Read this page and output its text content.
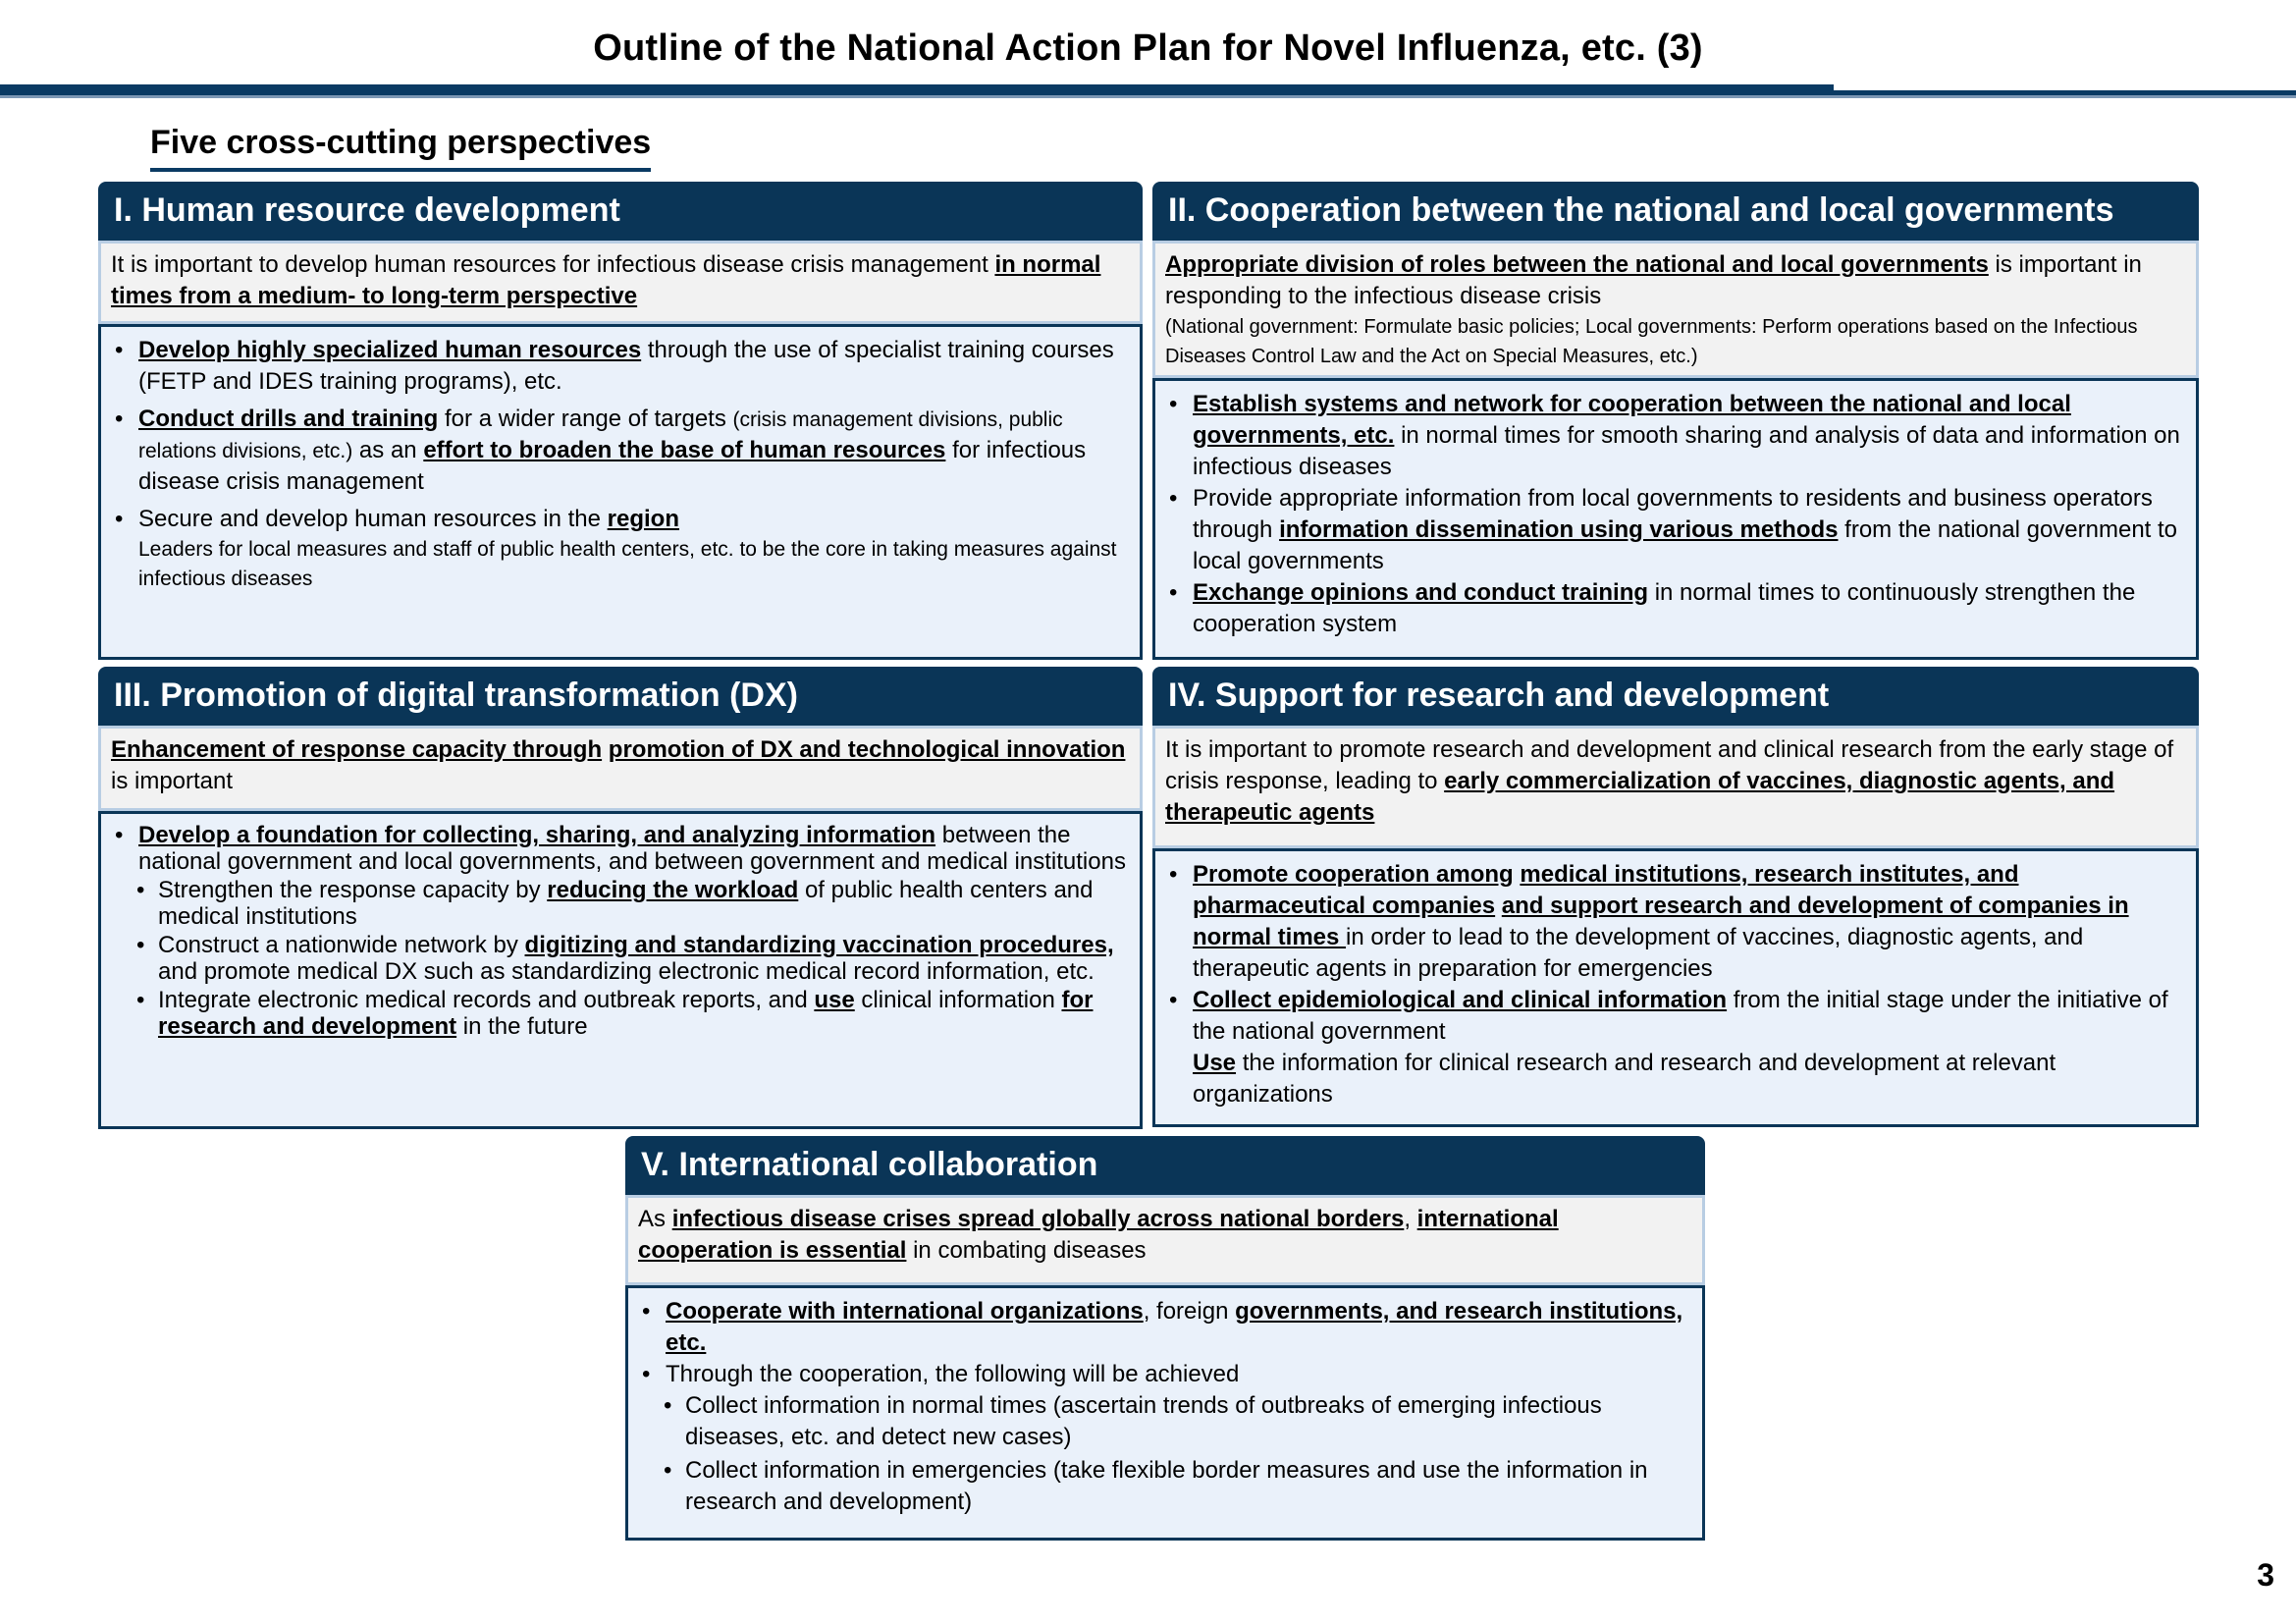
Outline of the National Action Plan for Novel Influenza, etc. (3)
Five cross-cutting perspectives
I. Human resource development
It is important to develop human resources for infectious disease crisis management in normal times from a medium- to long-term perspective
• Develop highly specialized human resources through the use of specialist training courses (FETP and IDES training programs), etc.
• Conduct drills and training for a wider range of targets (crisis management divisions, public relations divisions, etc.) as an effort to broaden the base of human resources for infectious disease crisis management
• Secure and develop human resources in the region
Leaders for local measures and staff of public health centers, etc. to be the core in taking measures against infectious diseases
II. Cooperation between the national and local governments
Appropriate division of roles between the national and local governments is important in responding to the infectious disease crisis
(National government: Formulate basic policies; Local governments: Perform operations based on the Infectious Diseases Control Law and the Act on Special Measures, etc.)
• Establish systems and network for cooperation between the national and local governments, etc. in normal times for smooth sharing and analysis of data and information on infectious diseases
• Provide appropriate information from local governments to residents and business operators through information dissemination using various methods from the national government to local governments
• Exchange opinions and conduct training in normal times to continuously strengthen the cooperation system
III. Promotion of digital transformation (DX)
Enhancement of response capacity through promotion of DX and technological innovation is important
• Develop a foundation for collecting, sharing, and analyzing information between the national government and local governments, and between government and medical institutions
• Strengthen the response capacity by reducing the workload of public health centers and medical institutions
• Construct a nationwide network by digitizing and standardizing vaccination procedures, and promote medical DX such as standardizing electronic medical record information, etc.
• Integrate electronic medical records and outbreak reports, and use clinical information for research and development in the future
IV. Support for research and development
It is important to promote research and development and clinical research from the early stage of crisis response, leading to early commercialization of vaccines, diagnostic agents, and therapeutic agents
• Promote cooperation among medical institutions, research institutes, and pharmaceutical companies and support research and development of companies in normal times in order to lead to the development of vaccines, diagnostic agents, and therapeutic agents in preparation for emergencies
• Collect epidemiological and clinical information from the initial stage under the initiative of the national government
Use the information for clinical research and research and development at relevant organizations
V. International collaboration
As infectious disease crises spread globally across national borders, international cooperation is essential in combating diseases
• Cooperate with international organizations, foreign governments, and research institutions, etc.
• Through the cooperation, the following will be achieved
• Collect information in normal times (ascertain trends of outbreaks of emerging infectious diseases, etc. and detect new cases)
• Collect information in emergencies (take flexible border measures and use the information in research and development)
3
